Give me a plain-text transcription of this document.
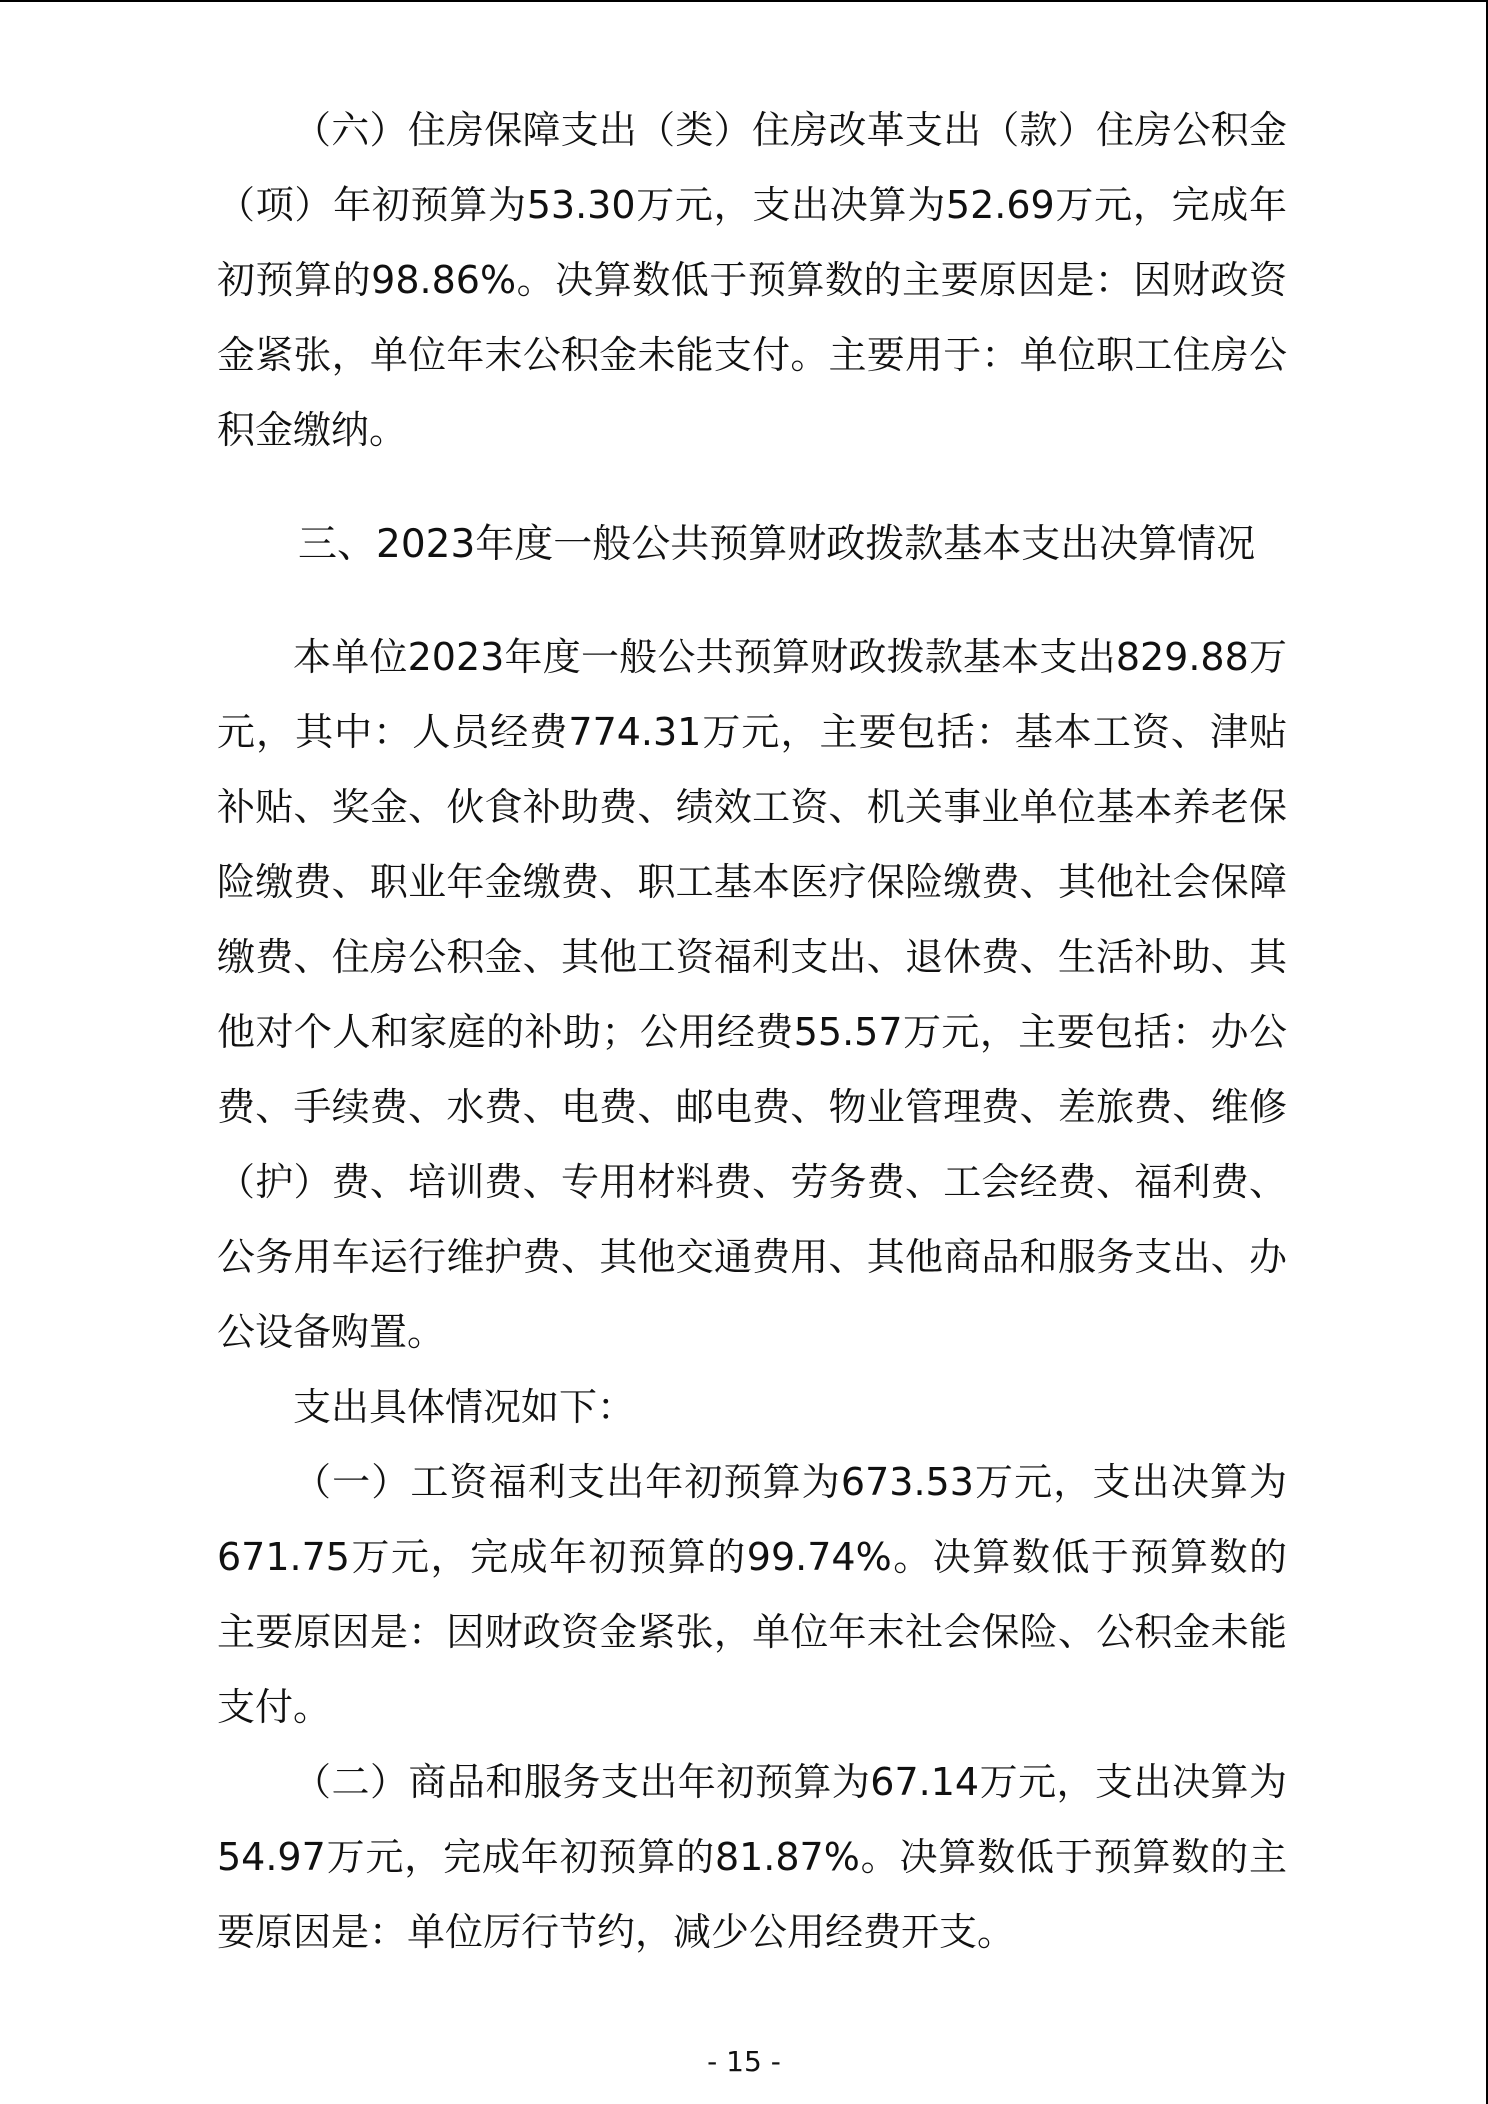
（六）住房保障支出（类）住房改革支出（款）住房公积金（项）年初预算为53.30万元，支出决算为52.69万元，完成年初预算的98.86%。决算数低于预算数的主要原因是：因财政资金紧张，单位年末公积金未能支付。主要用于：单位职工住房公积金缴纳。

三、2023年度一般公共预算财政拨款基本支出决算情况

本单位2023年度一般公共预算财政拨款基本支出829.88万元，其中：人员经费774.31万元，主要包括：基本工资、津贴补贴、奖金、伙食补助费、绩效工资、机关事业单位基本养老保险缴费、职业年金缴费、职工基本医疗保险缴费、其他社会保障缴费、住房公积金、其他工资福利支出、退休费、生活补助、其他对个人和家庭的补助；公用经费55.57万元，主要包括：办公费、手续费、水费、电费、邮电费、物业管理费、差旅费、维修（护）费、培训费、专用材料费、劳务费、工会经费、福利费、公务用车运行维护费、其他交通费用、其他商品和服务支出、办公设备购置。

支出具体情况如下：

（一）工资福利支出年初预算为673.53万元，支出决算为671.75万元，完成年初预算的99.74%。决算数低于预算数的主要原因是：因财政资金紧张，单位年末社会保险、公积金未能支付。

（二）商品和服务支出年初预算为67.14万元，支出决算为54.97万元，完成年初预算的81.87%。决算数低于预算数的主要原因是：单位厉行节约，减少公用经费开支。

- 15 -
